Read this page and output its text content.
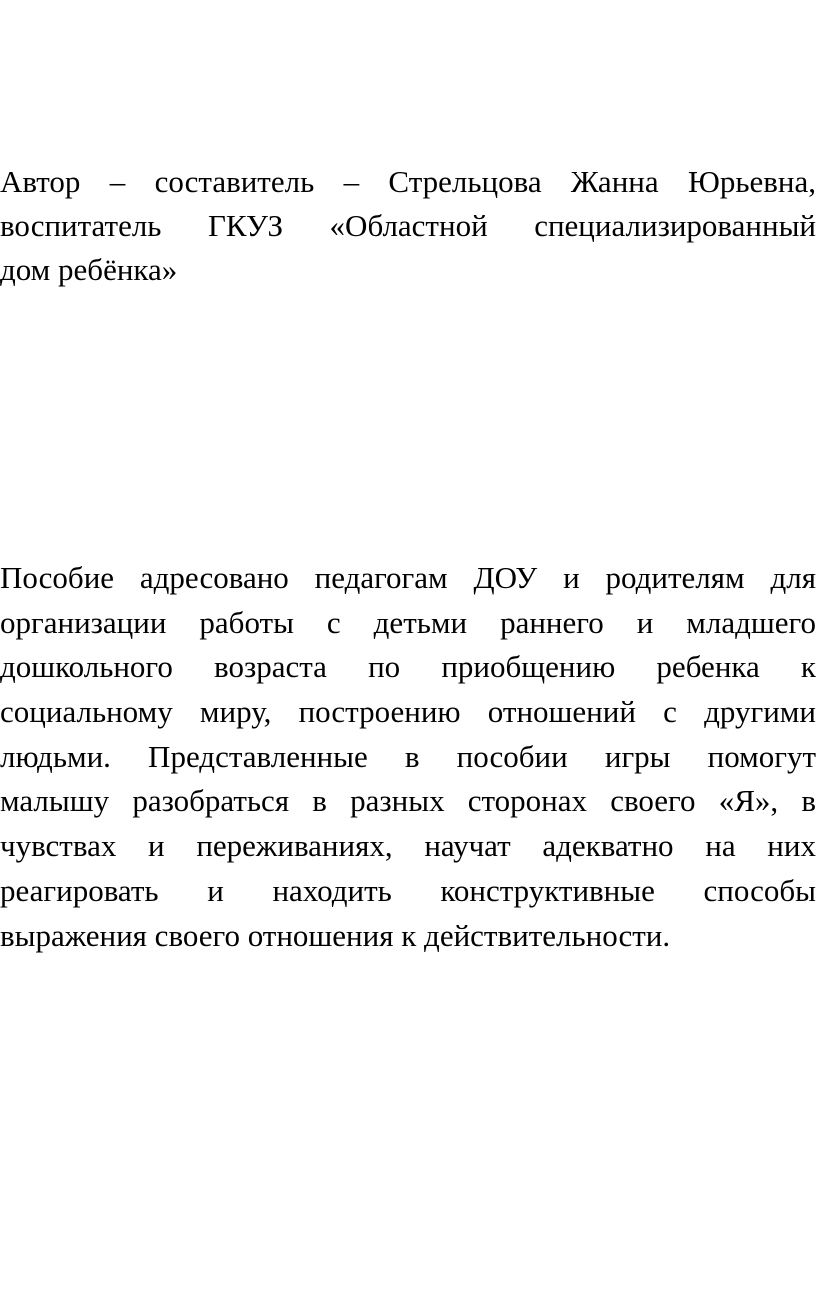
Автор – составитель – Стрельцова Жанна Юрьевна,
воспитатель ГКУЗ «Областной специализированный
дом ребёнка»

Пособие адресовано педагогам ДОУ и родителям для
организации работы с детьми раннего и младшего
дошкольного возраста по приобщению ребенка к
социальному миру, построению отношений с другими
людьми. Представленные в пособии игры помогут
малышу разобраться в разных сторонах своего «Я», в
чувствах и переживаниях, научат адекватно на них
реагировать и находить конструктивные способы
выражения своего отношения к действительности.
